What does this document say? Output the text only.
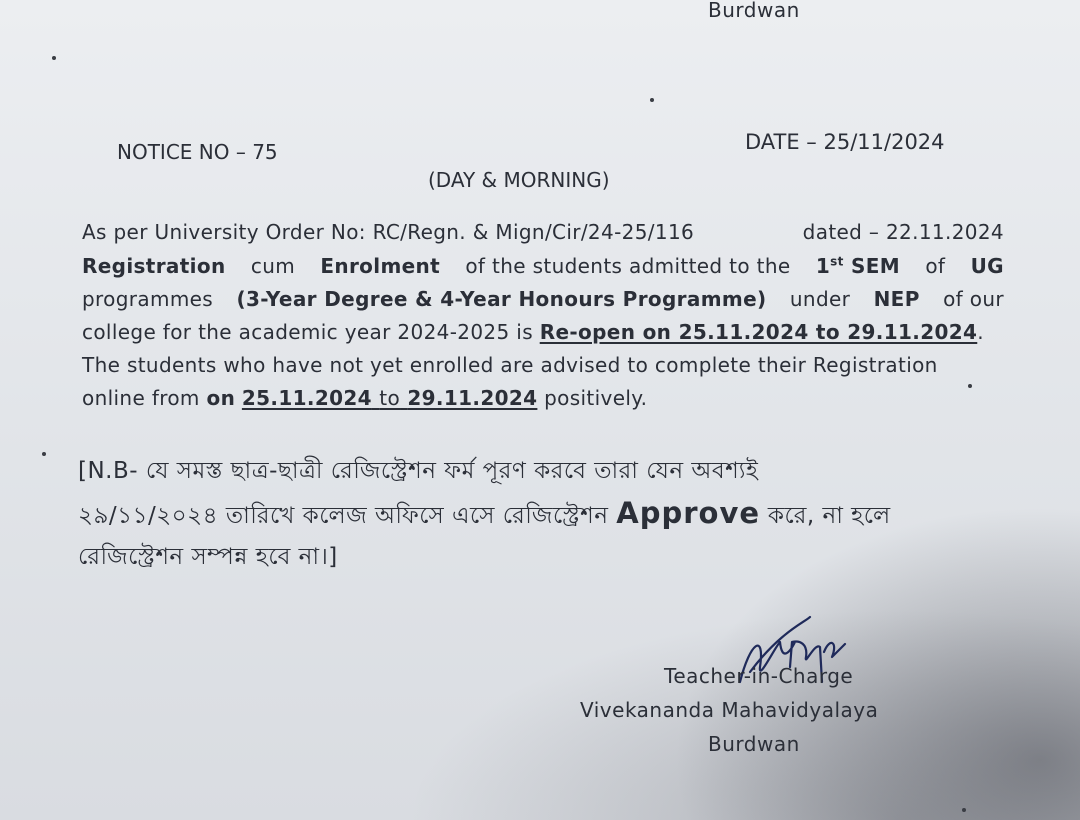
Burdwan
NOTICE NO – 75	DATE – 25/11/2024
(DAY & MORNING)
As per University Order No: RC/Regn. & Mign/Cir/24-25/116	dated – 22.11.2024
Registration cum Enrolment of the students admitted to the 1st SEM of UG
programmes (3-Year Degree & 4-Year Honours Programme) under NEP of our
college for the academic year 2024-2025 is Re-open on 25.11.2024 to 29.11.2024.
The students who have not yet enrolled are advised to complete their Registration
online from on 25.11.2024 to 29.11.2024 positively.
[N.B- যে সমস্ত ছাত্র-ছাত্রী রেজিস্ট্রেশন ফর্ম পূরণ করবে তারা যেন অবশ্যই
২৯/১১/২০২৪ তারিখে কলেজ অফিসে এসে রেজিস্ট্রেশন Approve করে, না হলে
রেজিস্ট্রেশন সম্পন্ন হবে না।]
Teacher-in-Charge
Vivekananda Mahavidyalaya
Burdwan
